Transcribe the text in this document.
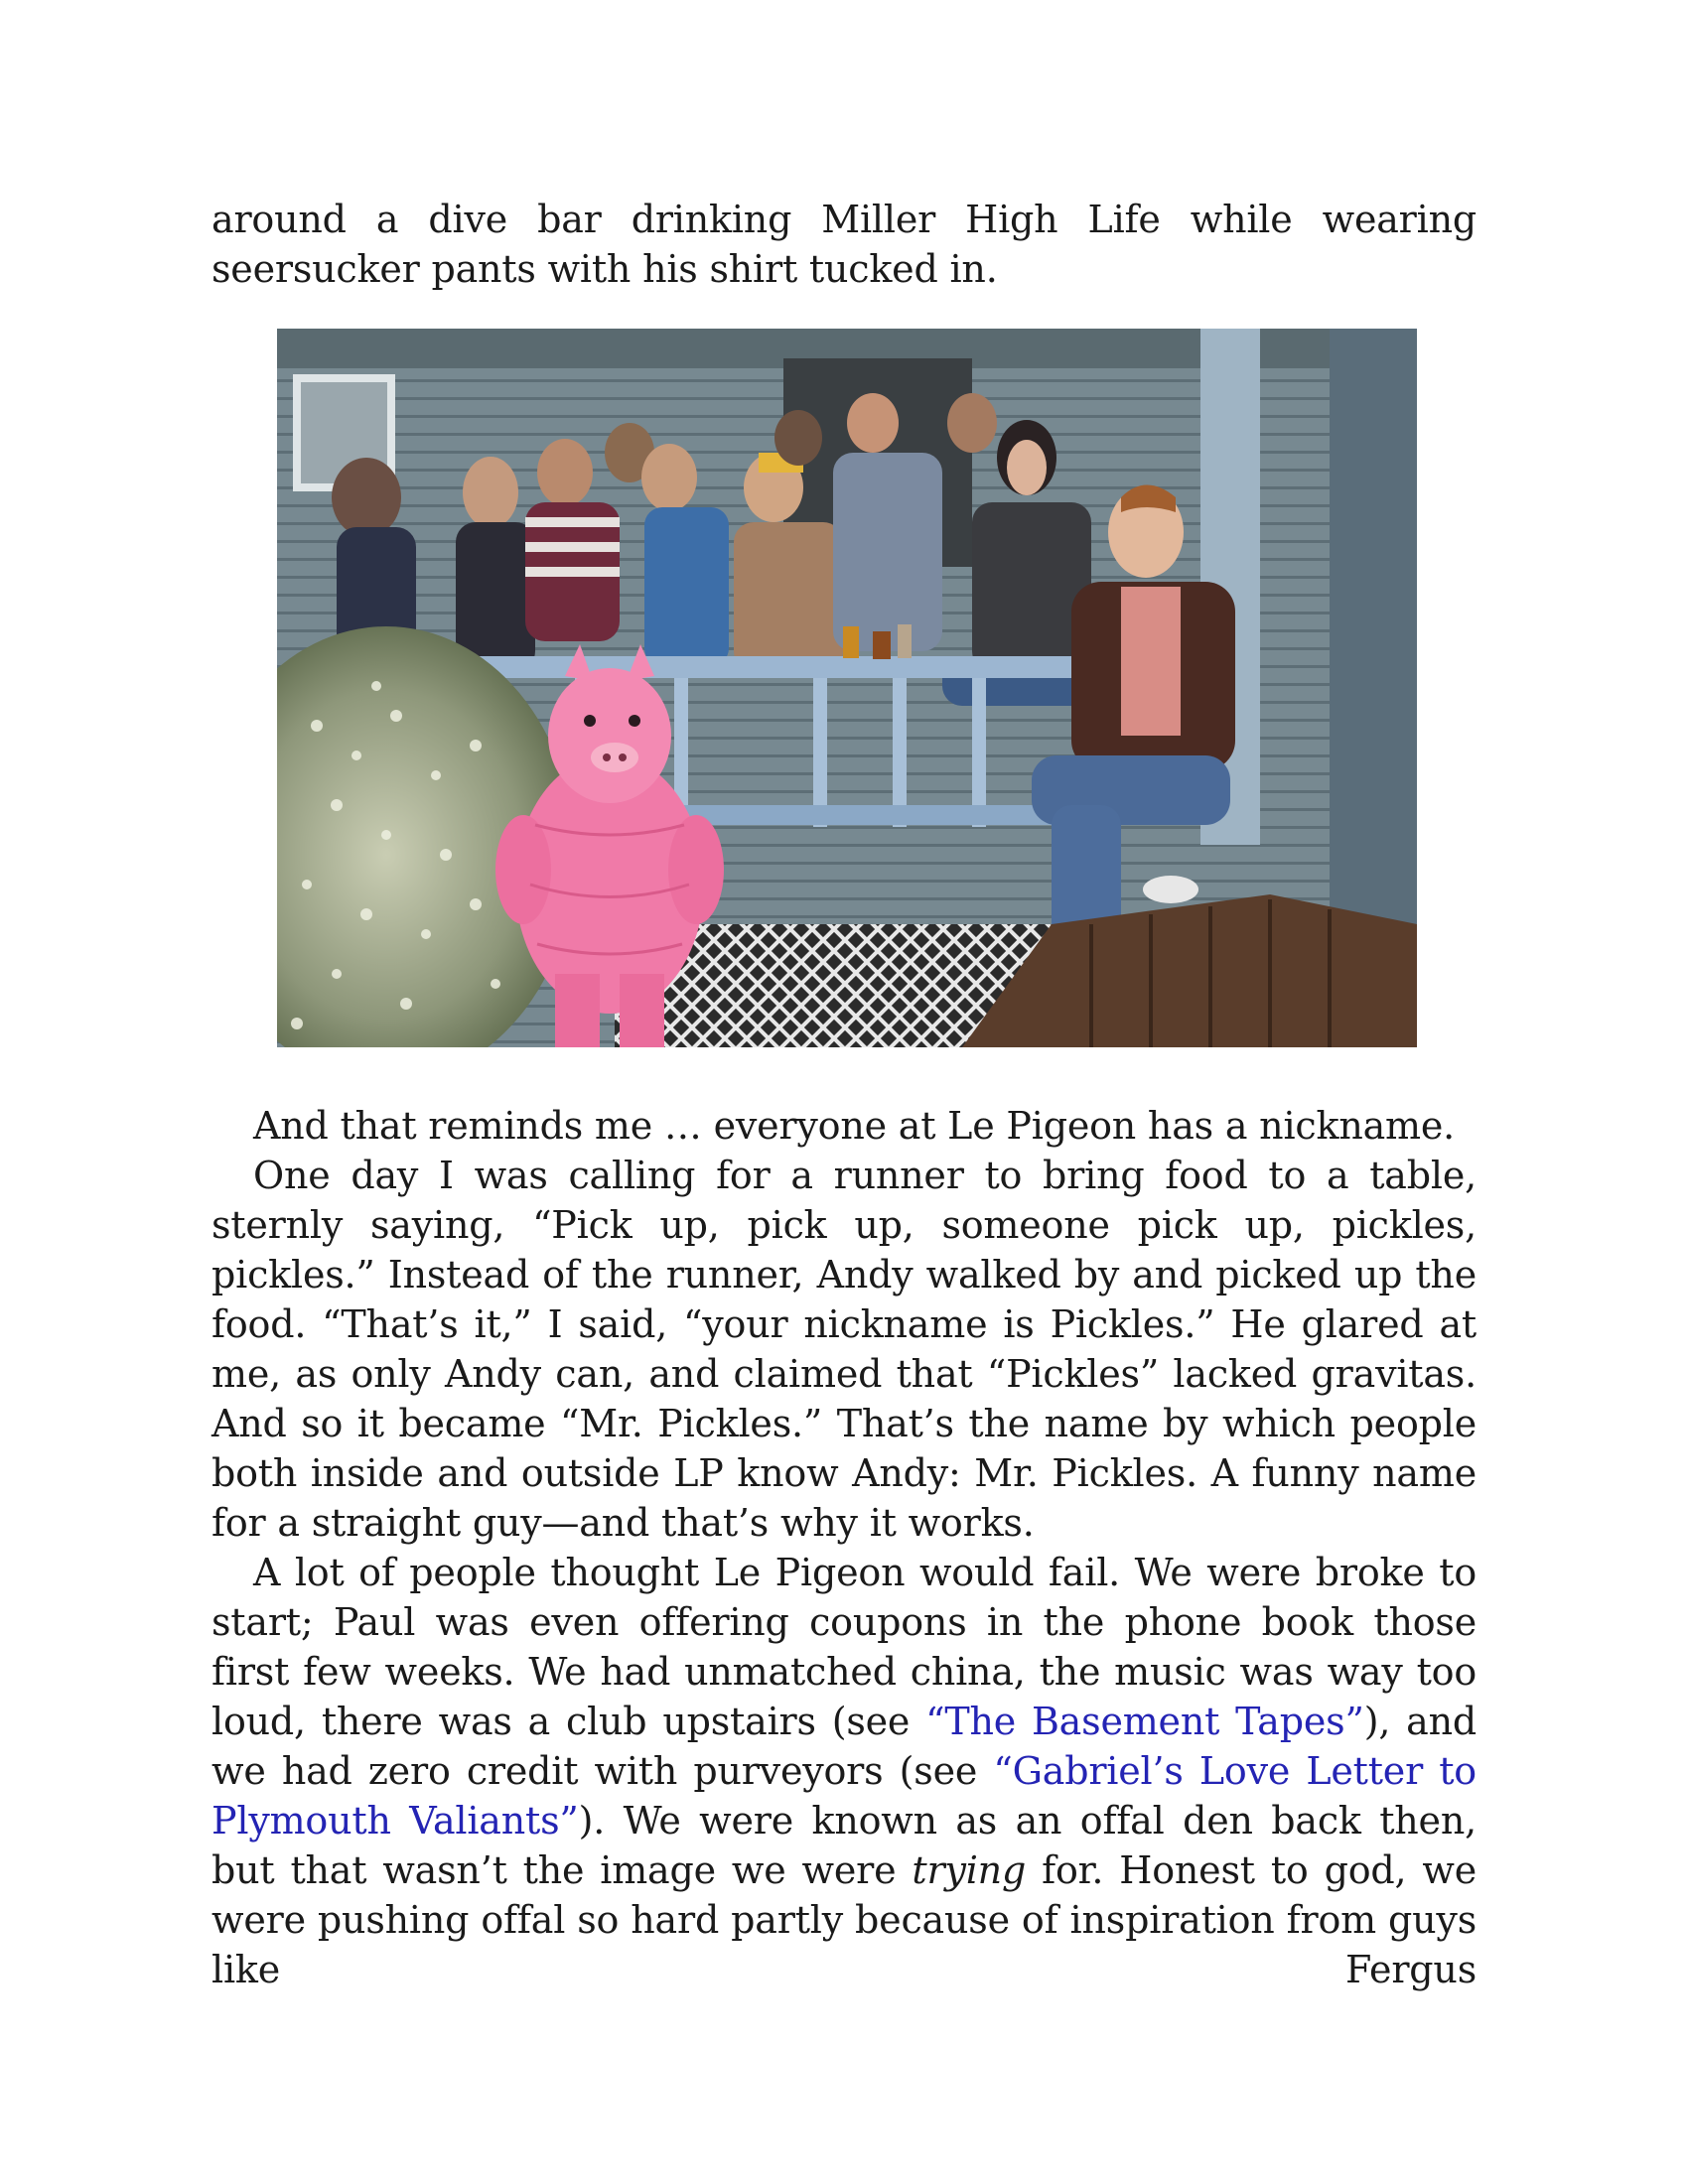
around a dive bar drinking Miller High Life while wearing seersucker pants with his shirt tucked in.

And that reminds me … everyone at Le Pigeon has a nickname.

One day I was calling for a runner to bring food to a table, sternly saying, “Pick up, pick up, someone pick up, pickles, pickles.” Instead of the runner, Andy walked by and picked up the food. “That’s it,” I said, “your nickname is Pickles.” He glared at me, as only Andy can, and claimed that “Pickles” lacked gravitas. And so it became “Mr. Pickles.” That’s the name by which people both inside and outside LP know Andy: Mr. Pickles. A funny name for a straight guy—and that’s why it works.

A lot of people thought Le Pigeon would fail. We were broke to start; Paul was even offering coupons in the phone book those first few weeks. We had unmatched china, the music was way too loud, there was a club upstairs (see “The Basement Tapes”), and we had zero credit with purveyors (see “Gabriel’s Love Letter to Plymouth Valiants”). We were known as an offal den back then, but that wasn’t the image we were trying for. Honest to god, we were pushing offal so hard partly because of inspiration from guys like Fergus
